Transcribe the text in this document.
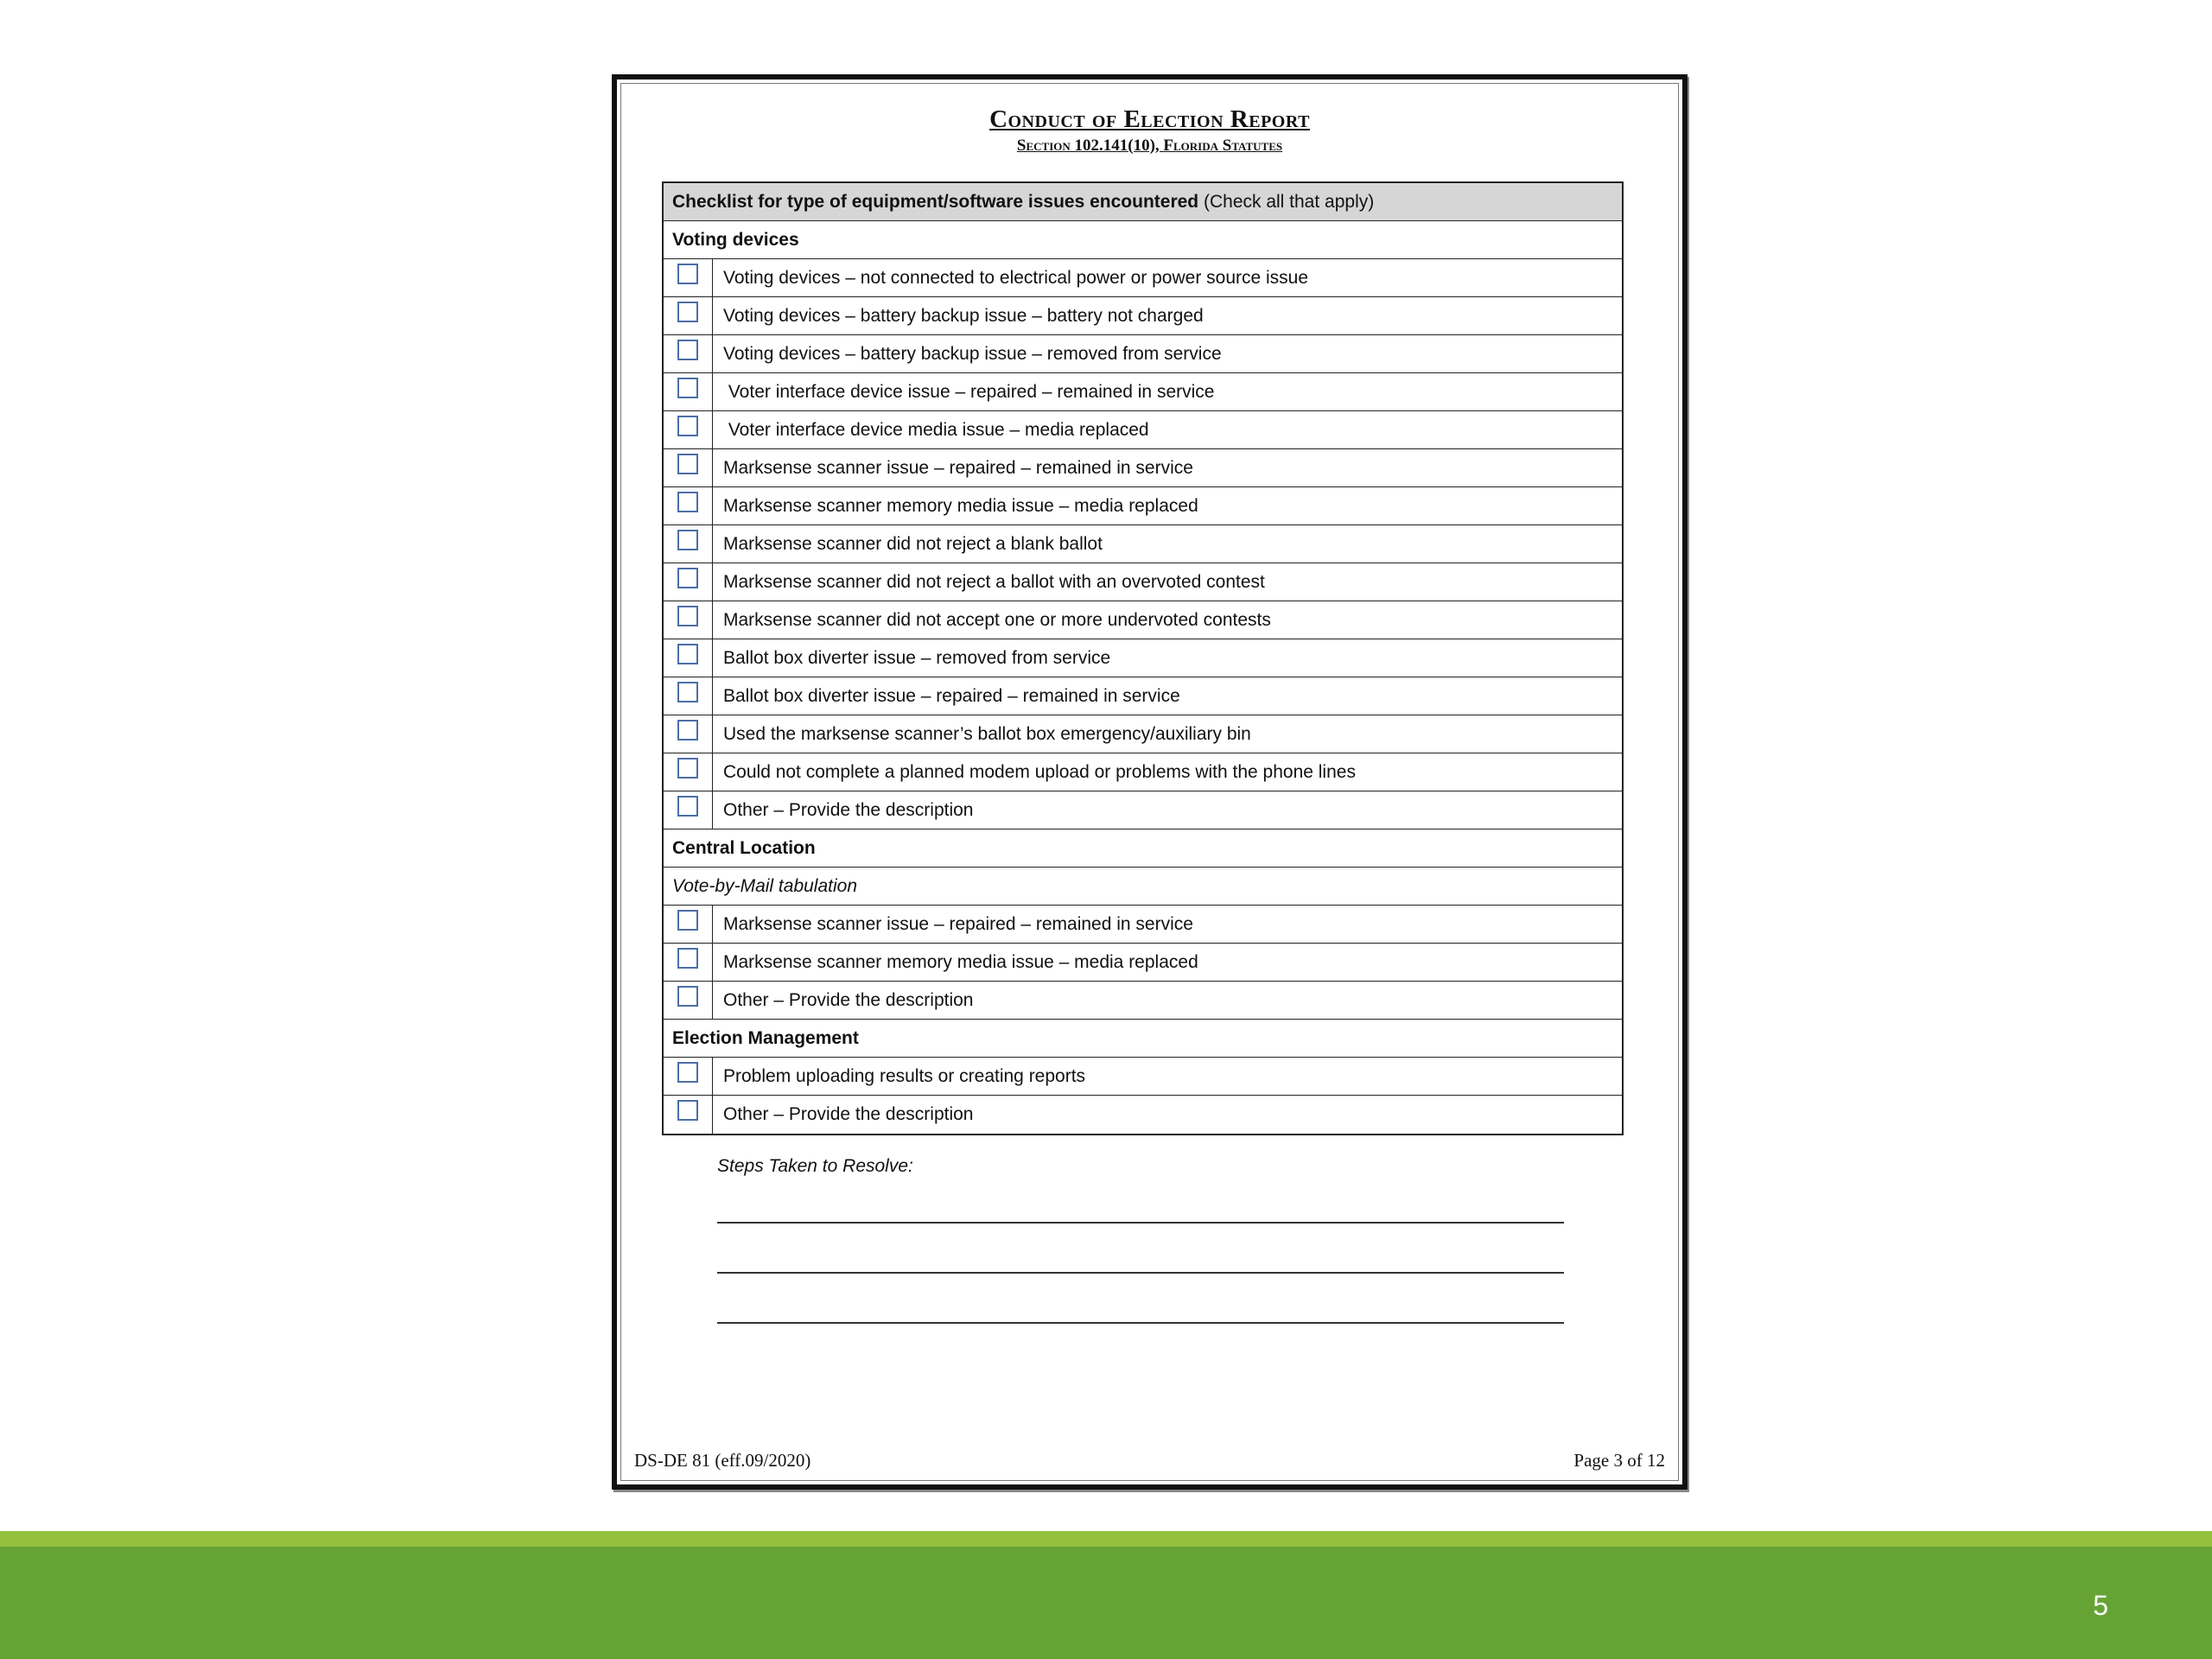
Conduct of Election Report
Section 102.141(10), Florida Statutes
Checklist for type of equipment/software issues encountered (Check all that apply)
Voting devices
Voting devices – not connected to electrical power or power source issue
Voting devices – battery backup issue – battery not charged
Voting devices – battery backup issue – removed from service
Voter interface device issue – repaired – remained in service
Voter interface device media issue – media replaced
Marksense scanner issue – repaired – remained in service
Marksense scanner memory media issue – media replaced
Marksense scanner did not reject a blank ballot
Marksense scanner did not reject a ballot with an overvoted contest
Marksense scanner did not accept one or more undervoted contests
Ballot box diverter issue – removed from service
Ballot box diverter issue – repaired – remained in service
Used the marksense scanner’s ballot box emergency/auxiliary bin
Could not complete a planned modem upload or problems with the phone lines
Other – Provide the description
Central Location
Vote-by-Mail tabulation
Marksense scanner issue – repaired – remained in service
Marksense scanner memory media issue – media replaced
Other – Provide the description
Election Management
Problem uploading results or creating reports
Other – Provide the description
Steps Taken to Resolve:
DS-DE 81 (eff.09/2020)	Page 3 of 12
5
